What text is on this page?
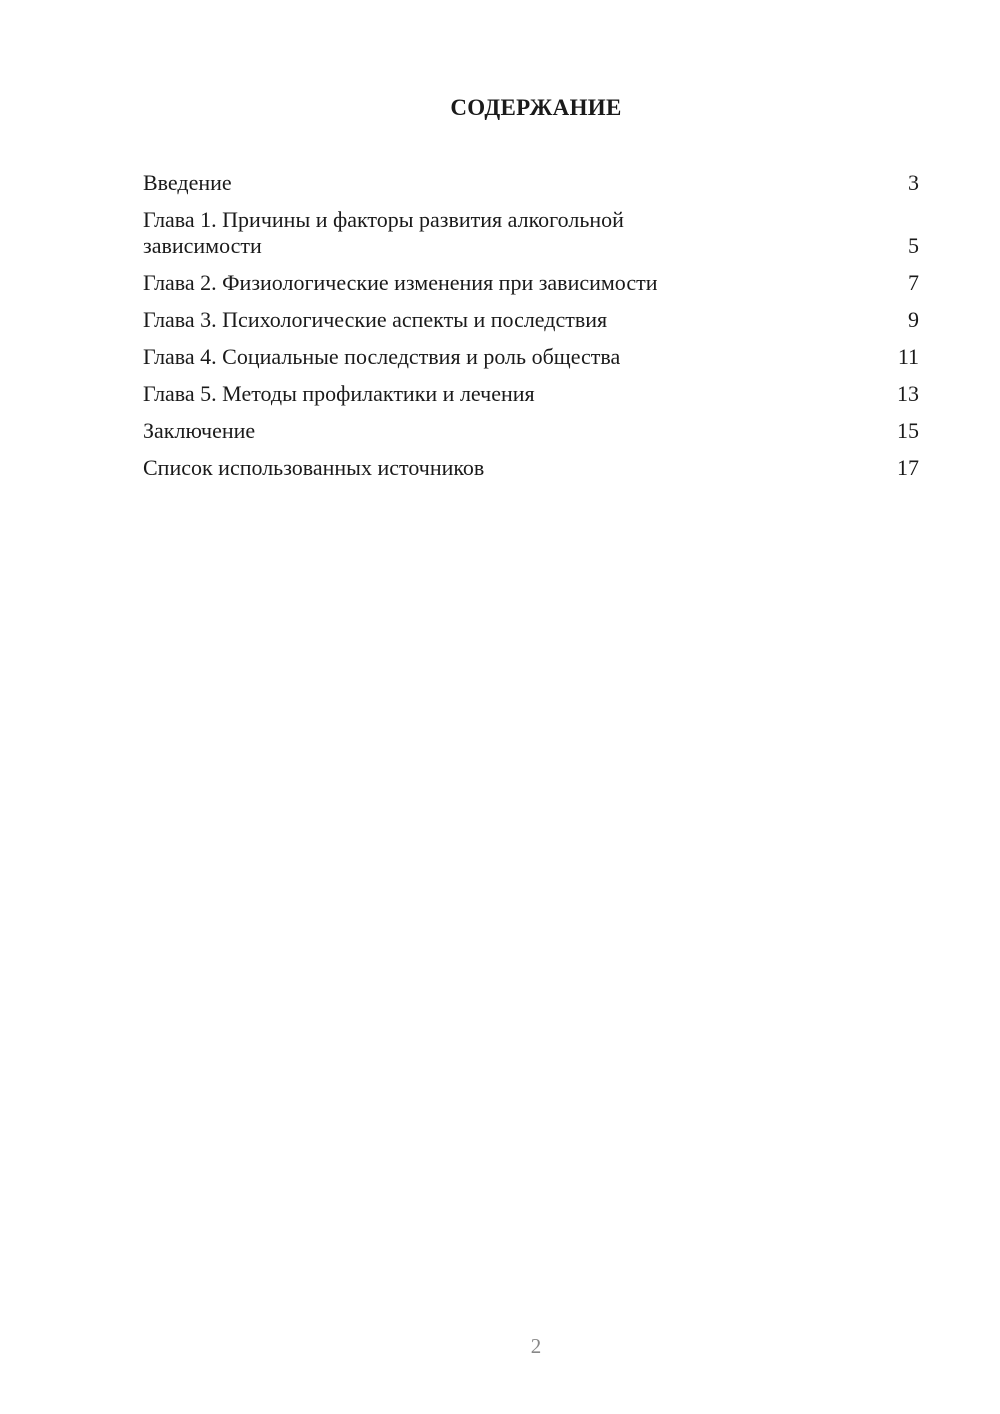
СОДЕРЖАНИЕ
Введение	3
Глава 1. Причины и факторы развития алкогольной зависимости	5
Глава 2. Физиологические изменения при зависимости	7
Глава 3. Психологические аспекты и последствия	9
Глава 4. Социальные последствия и роль общества	11
Глава 5. Методы профилактики и лечения	13
Заключение	15
Список использованных источников	17
2
